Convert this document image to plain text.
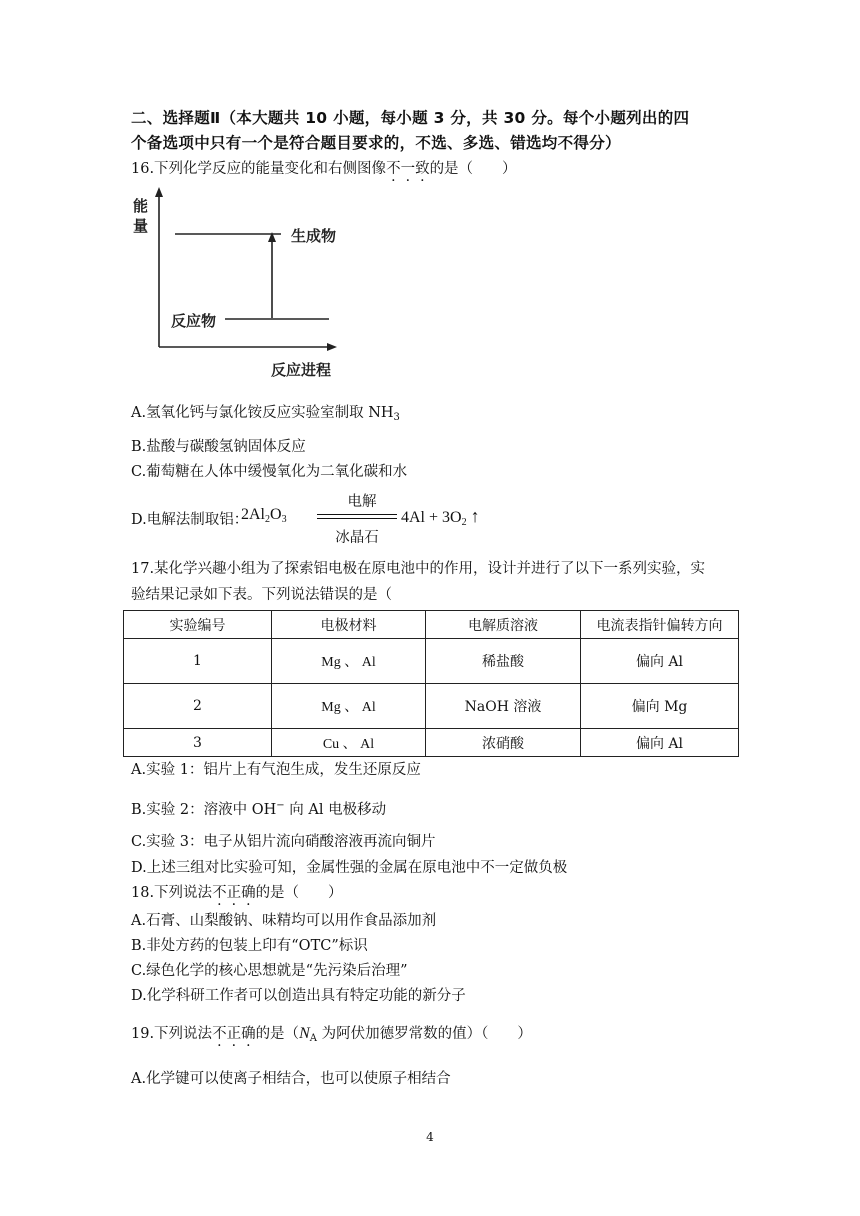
二、选择题Ⅱ（本大题共 10 小题，每小题 3 分，共 30 分。每个小题列出的四
个备选项中只有一个是符合题目要求的，不选、多选、错选均不得分）
16.下列化学反应的能量变化和右侧图像不一致的是（　　）
能
量
生成物
反应物
反应进程
A.氢氧化钙与氯化铵反应实验室制取 $NH_3$
B.盐酸与碳酸氢钠固体反应
C.葡萄糖在人体中缓慢氧化为二氧化碳和水
D.电解法制取铝：
$2Al_2O_3$
电解
冰晶石
$4Al + 3O_2$ ↑
17.某化学兴趣小组为了探索铝电极在原电池中的作用，设计并进行了以下一系列实验，实
验结果记录如下表。下列说法错误的是（
实验编号	电极材料	电解质溶液	电流表指针偏转方向
1	Mg 、 Al	稀盐酸	偏向 Al
2	Mg 、 Al	NaOH 溶液	偏向 Mg
3	Cu 、 Al	浓硝酸	偏向 Al
A.实验 1：铝片上有气泡生成，发生还原反应
B.实验 2：溶液中 OH− 向 Al 电极移动
C.实验 3：电子从铝片流向硝酸溶液再流向铜片
D.上述三组对比实验可知，金属性强的金属在原电池中不一定做负极
18.下列说法不正确的是（　　）
A.石膏、山梨酸钠、味精均可以用作食品添加剂
B.非处方药的包装上印有“OTC”标识
C.绿色化学的核心思想就是“先污染后治理”
D.化学科研工作者可以创造出具有特定功能的新分子
19.下列说法不正确的是（$N_A$ 为阿伏加德罗常数的值）（　　）
A.化学键可以使离子相结合，也可以使原子相结合
4
